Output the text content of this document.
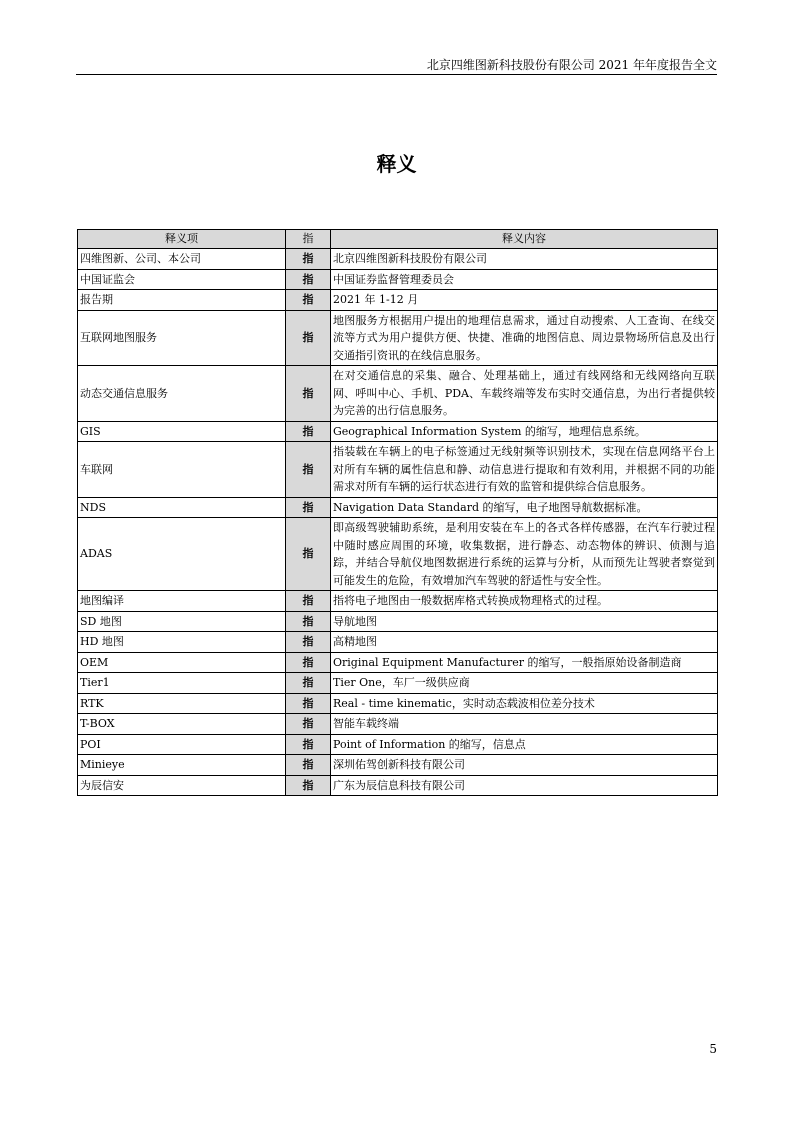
北京四维图新科技股份有限公司 2021 年年度报告全文
释义
释义项	指	释义内容
四维图新、公司、本公司	指	北京四维图新科技股份有限公司
中国证监会	指	中国证券监督管理委员会
报告期	指	2021 年 1-12 月
互联网地图服务	指	地图服务方根据用户提出的地理信息需求，通过自动搜索、人工查询、在线交流等方式为用户提供方便、快捷、准确的地图信息、周边景物场所信息及出行交通指引资讯的在线信息服务。
动态交通信息服务	指	在对交通信息的采集、融合、处理基础上，通过有线网络和无线网络向互联网、呼叫中心、手机、PDA、车载终端等发布实时交通信息，为出行者提供较为完善的出行信息服务。
GIS	指	Geographical Information System 的缩写，地理信息系统。
车联网	指	指装载在车辆上的电子标签通过无线射频等识别技术，实现在信息网络平台上对所有车辆的属性信息和静、动信息进行提取和有效利用，并根据不同的功能需求对所有车辆的运行状态进行有效的监管和提供综合信息服务。
NDS	指	Navigation Data Standard 的缩写，电子地图导航数据标准。
ADAS	指	即高级驾驶辅助系统，是利用安装在车上的各式各样传感器，在汽车行驶过程中随时感应周围的环境，收集数据，进行静态、动态物体的辨识、侦测与追踪，并结合导航仪地图数据进行系统的运算与分析，从而预先让驾驶者察觉到可能发生的危险，有效增加汽车驾驶的舒适性与安全性。
地图编译	指	指将电子地图由一般数据库格式转换成物理格式的过程。
SD 地图	指	导航地图
HD 地图	指	高精地图
OEM	指	Original Equipment Manufacturer 的缩写，一般指原始设备制造商
Tier1	指	Tier One，车厂一级供应商
RTK	指	Real - time kinematic，实时动态载波相位差分技术
T-BOX	指	智能车载终端
POI	指	Point of Information 的缩写，信息点
Minieye	指	深圳佑驾创新科技有限公司
为辰信安	指	广东为辰信息科技有限公司
5
